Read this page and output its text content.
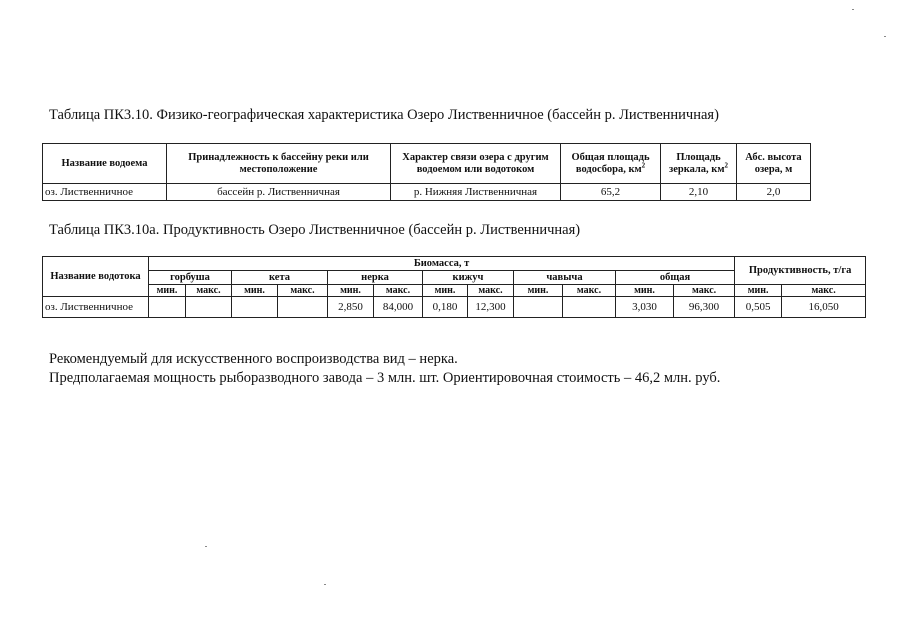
Таблица ПК3.10. Физико-географическая характеристика Озеро Лиственничное (бассейн р. Лиственничная)
Название водоема	Принадлежность к бассейну реки или местоположение	Характер связи озера с другим водоемом или водотоком	Общая площадь водосбора, $км^2$	Площадь зеркала, $км^2$	Абс. высота озера, м
оз. Лиственничное	бассейн р. Лиственничная	р. Нижняя Лиственничная	65,2	2,10	2,0
Таблица ПК3.10а. Продуктивность Озеро Лиственничное (бассейн р. Лиственничная)
Название водотока	Биомасса, т												Продуктивность, т/га	
	горбуша		кета		нерка		кижуч		чавыча		общая			
	мин.	макс.	мин.	макс.	мин.	макс.	мин.	макс.	мин.	макс.	мин.	макс.	мин.	макс.
оз. Лиственничное					2,850	84,000	0,180	12,300			3,030	96,300	0,505	16,050
Рекомендуемый для искусственного воспроизводства вид – нерка.
Предполагаемая мощность рыборазводного завода – 3 млн. шт. Ориентировочная стоимость – 46,2 млн. руб.
